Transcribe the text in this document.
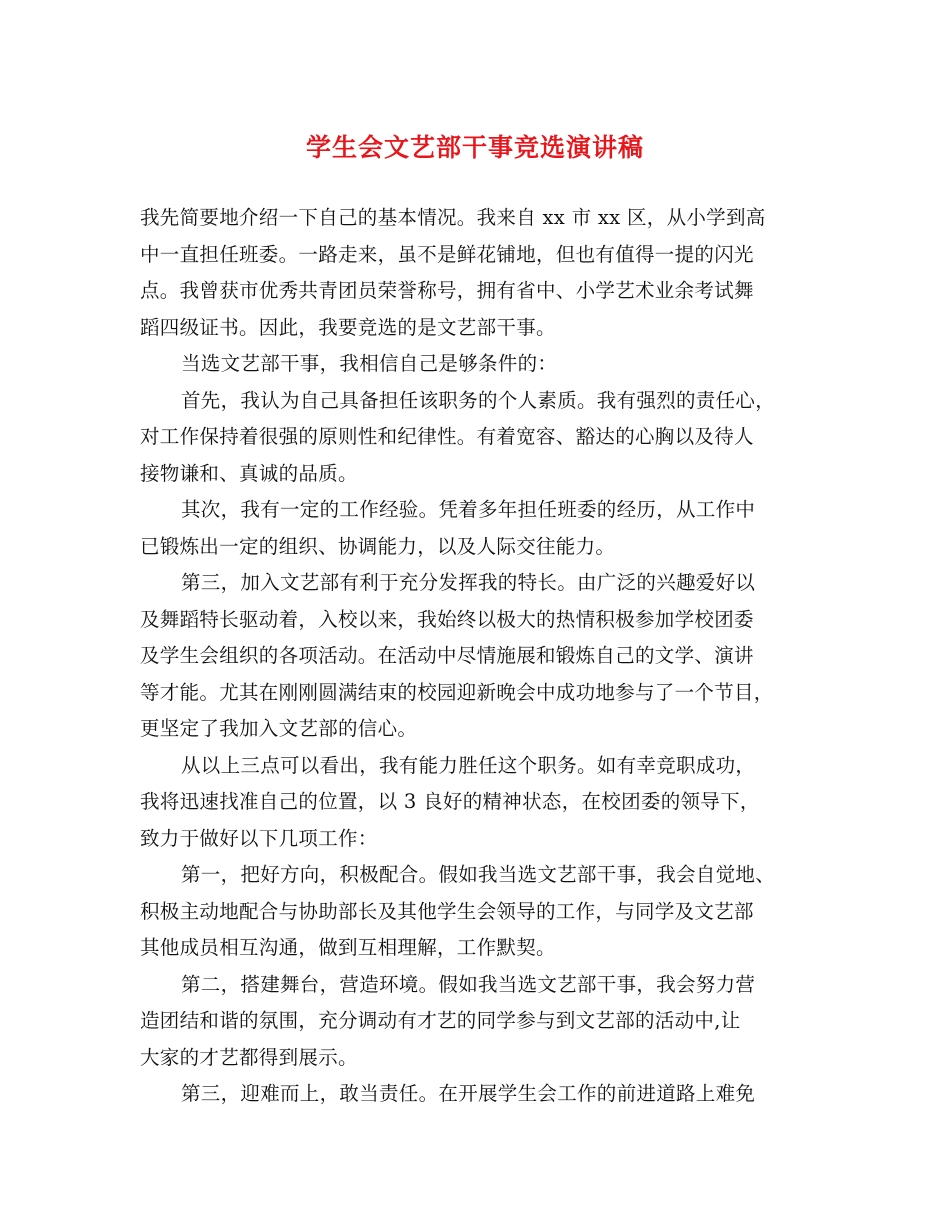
学生会文艺部干事竞选演讲稿
我先简要地介绍一下自己的基本情况。我来自 xx 市 xx 区，从小学到高
中一直担任班委。一路走来，虽不是鲜花铺地，但也有值得一提的闪光
点。我曾获市优秀共青团员荣誉称号，拥有省中、小学艺术业余考试舞
蹈四级证书。因此，我要竞选的是文艺部干事。
当选文艺部干事，我相信自己是够条件的：
首先，我认为自己具备担任该职务的个人素质。我有强烈的责任心，
对工作保持着很强的原则性和纪律性。有着宽容、豁达的心胸以及待人
接物谦和、真诚的品质。
其次，我有一定的工作经验。凭着多年担任班委的经历，从工作中
已锻炼出一定的组织、协调能力，以及人际交往能力。
第三，加入文艺部有利于充分发挥我的特长。由广泛的兴趣爱好以
及舞蹈特长驱动着，入校以来，我始终以极大的热情积极参加学校团委
及学生会组织的各项活动。在活动中尽情施展和锻炼自己的文学、演讲
等才能。尤其在刚刚圆满结束的校园迎新晚会中成功地参与了一个节目，
更坚定了我加入文艺部的信心。
从以上三点可以看出，我有能力胜任这个职务。如有幸竞职成功，
我将迅速找准自己的位置，以 3 良好的精神状态，在校团委的领导下，
致力于做好以下几项工作：
第一，把好方向，积极配合。假如我当选文艺部干事，我会自觉地、
积极主动地配合与协助部长及其他学生会领导的工作，与同学及文艺部
其他成员相互沟通，做到互相理解，工作默契。
第二，搭建舞台，营造环境。假如我当选文艺部干事，我会努力营
造团结和谐的氛围，充分调动有才艺的同学参与到文艺部的活动中,让
大家的才艺都得到展示。
第三，迎难而上，敢当责任。在开展学生会工作的前进道路上难免
